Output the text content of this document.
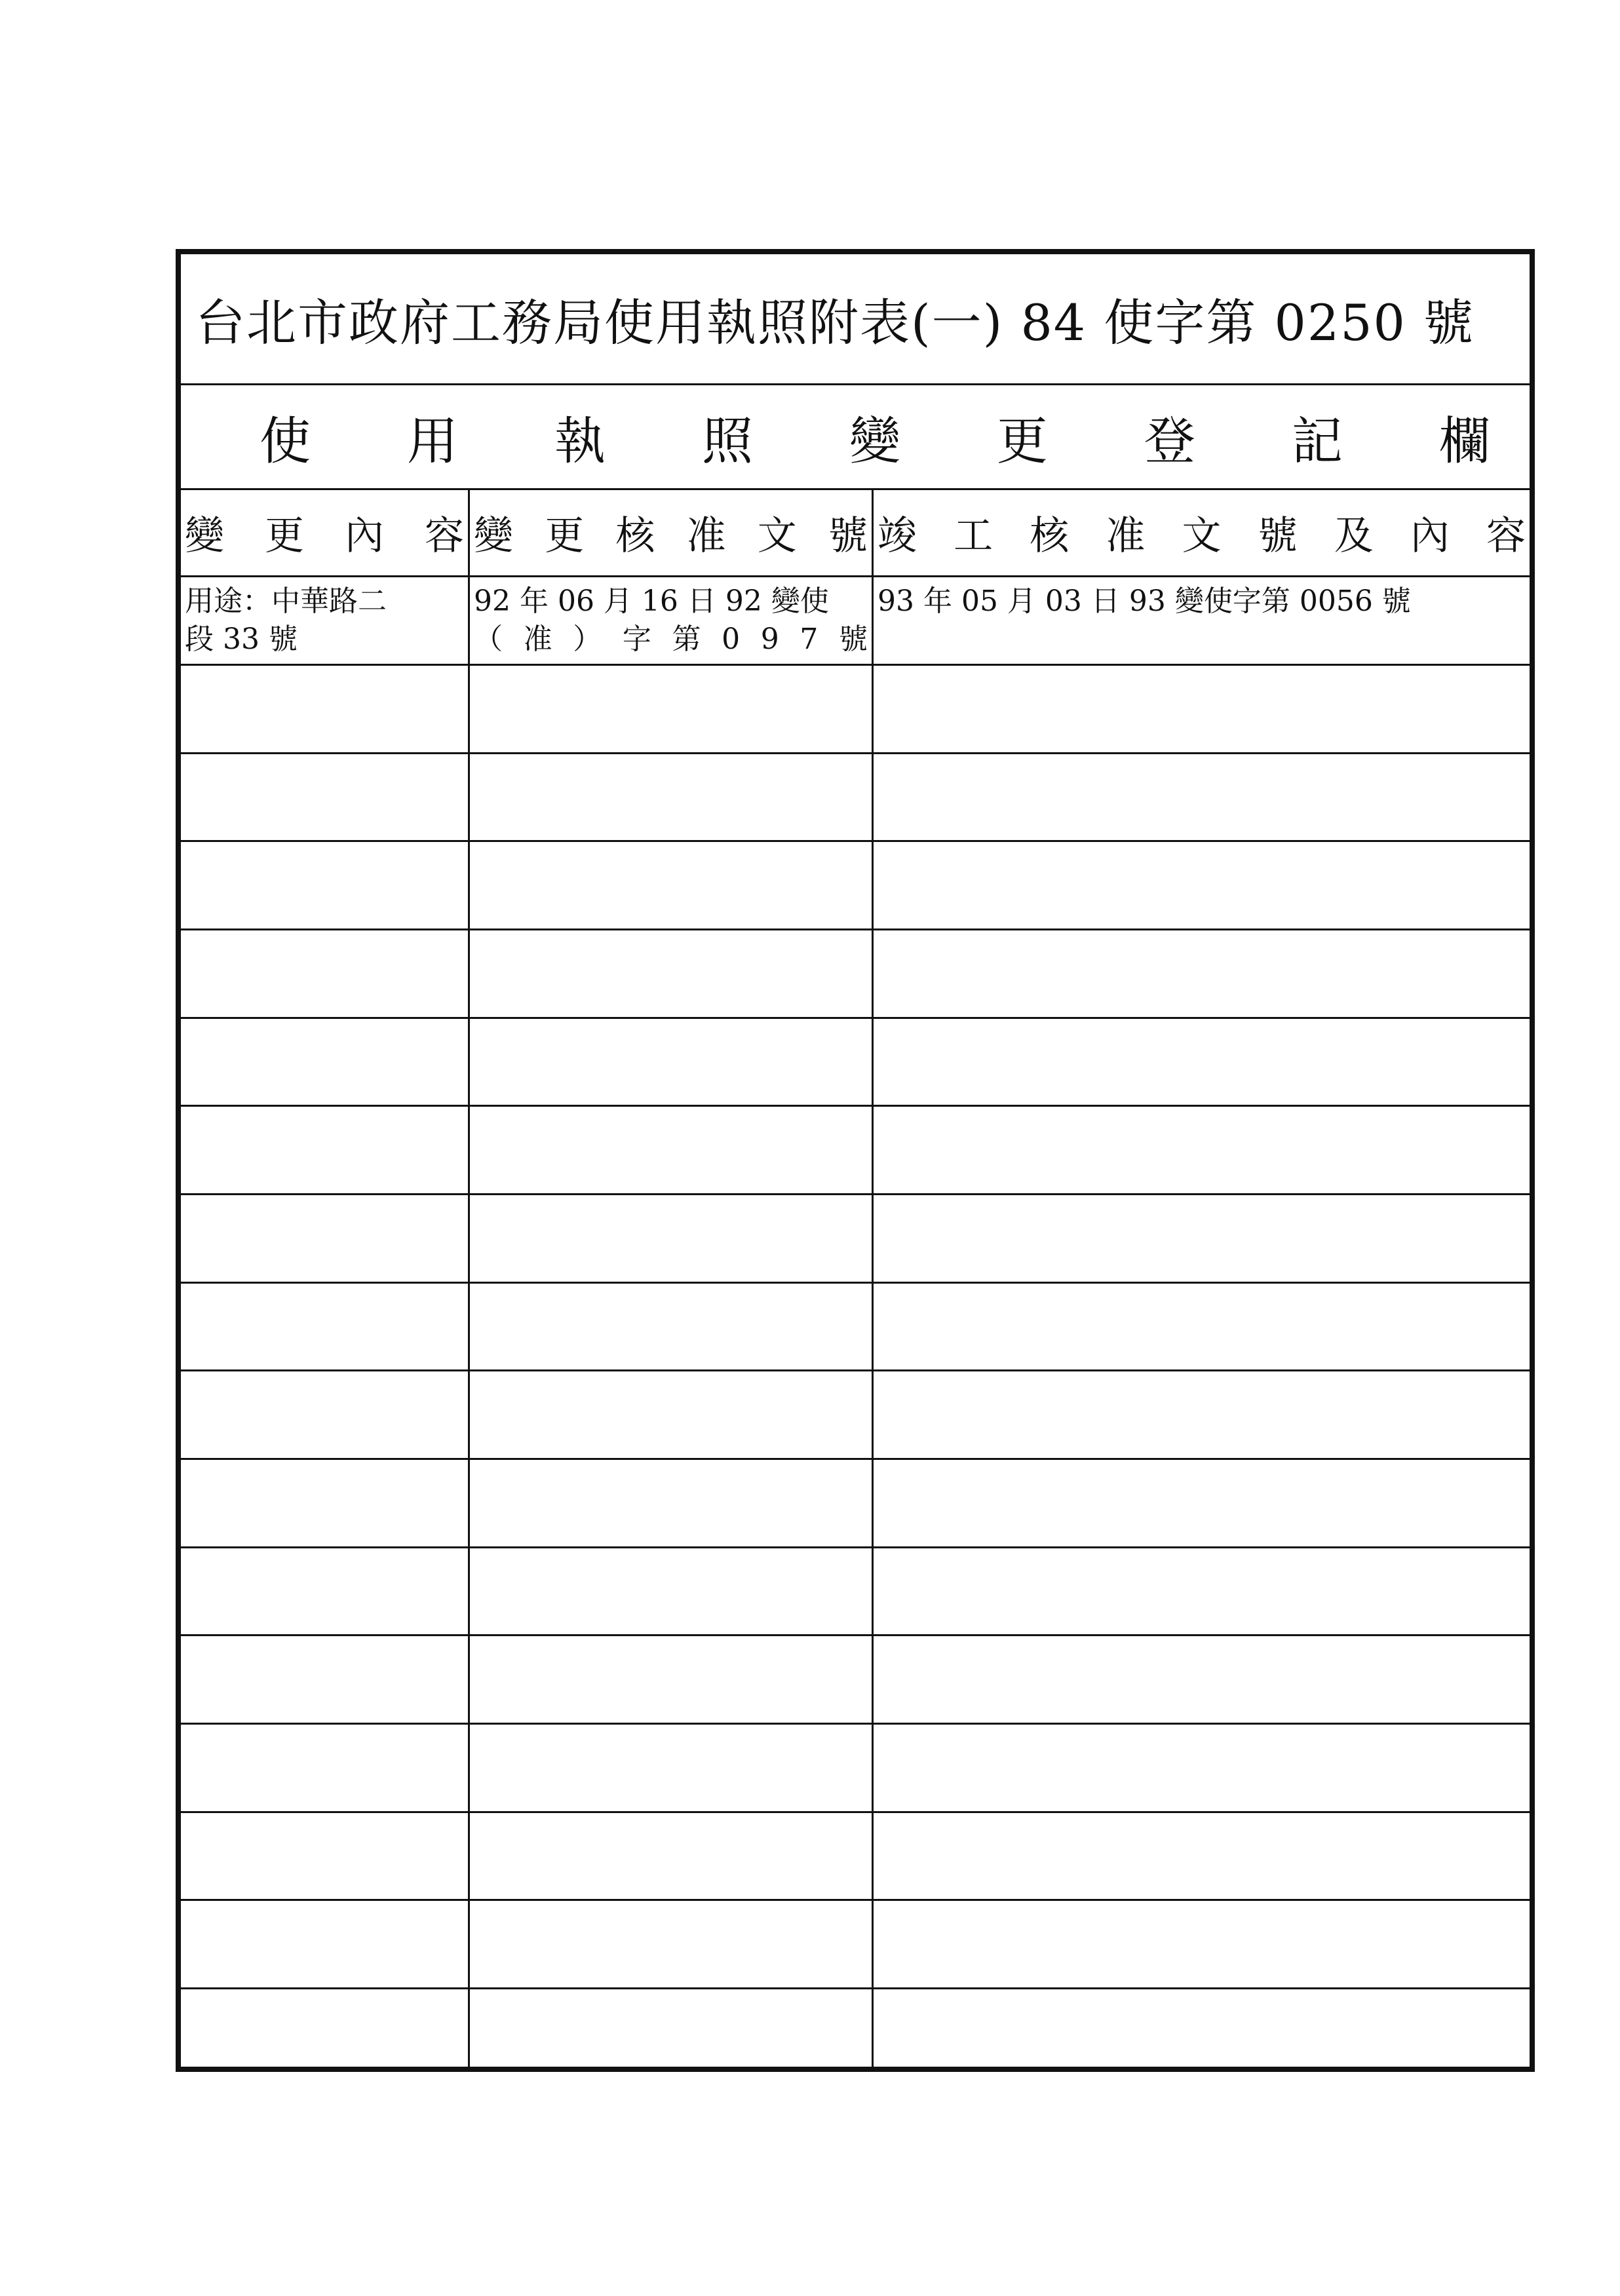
台北市政府工務局使用執照附表(一) 84 使字第 0250 號
使 用 執 照 變 更 登 記 欄
變 更 內 容 變 更 核 准 文 號 竣 工 核 准 文 號 及 內 容
用途：中華路二
段 33 號
92 年 06 月 16 日 92 變使
（ 准 ） 字 第 0 9 7 號
93 年 05 月 03 日 93 變使字第 0056 號
